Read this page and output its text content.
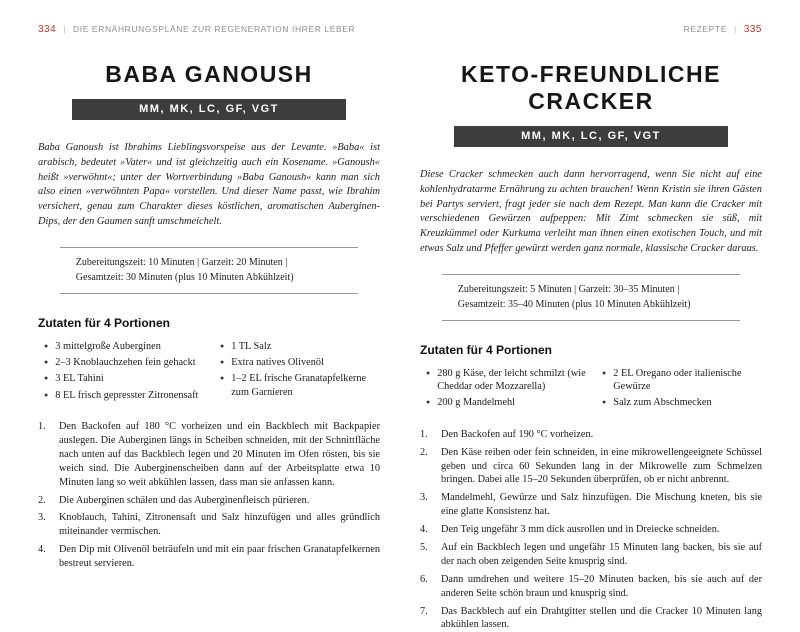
334 | DIE ERNÄHRUNGSPLÄNE ZUR REGENERATION IHRER LEBER
BABA GANOUSH
MM, MK, LC, GF, VGT

Baba Ganoush ist Ibrahims Lieblingsvorspeise aus der Levante. »Baba« ist arabisch, bedeutet »Vater« und ist gleichzeitig auch ein Kosename. »Ganoush« heißt »verwöhnt«; unter der Wortverbindung »Baba Ganoush« kann man sich also einen »verwöhnten Papa« vorstellen. Und dieser Name passt, wie Ibrahim versichert, genau zum Charakter dieses köstlichen, aromatischen Auberginen-Dips, der den Gaumen sanft umschmeichelt.

Zubereitungszeit: 10 Minuten | Garzeit: 20 Minuten |
Gesamtzeit: 30 Minuten (plus 10 Minuten Abkühlzeit)
Zutaten für 4 Portionen
●
3 mittelgroße Auberginen
●
2–3 Knoblauchzehen fein gehackt
●
3 EL Tahini
●
8 EL frisch gepresster Zitronensaft
●
1 TL Salz
●
Extra natives Olivenöl
●
1–2 EL frische Granatapfelkerne zum Garnieren
1.	Den Backofen auf 180 °C vorheizen und ein Backblech mit Backpapier auslegen. Die Auberginen längs in Scheiben schneiden, mit der Schnittfläche nach unten auf das Backblech legen und 20 Minuten im Ofen rösten, bis sie weich sind. Die Auberginenscheiben dann auf der Arbeitsplatte etwa 10 Minuten lang so weit abkühlen lassen, dass man sie anfassen kann.
2.	Die Auberginen schälen und das Auberginenfleisch pürieren.
3.	Knoblauch, Tahini, Zitronensaft und Salz hinzufügen und alles gründlich miteinander vermischen.
4.	Den Dip mit Olivenöl beträufeln und mit ein paar frischen Granatapfelkernen bestreut servieren.
REZEPTE | 335
KETO-FREUNDLICHE CRACKER
MM, MK, LC, GF, VGT

Diese Cracker schmecken auch dann hervorragend, wenn Sie nicht auf eine kohlenhydratarme Ernährung zu achten brauchen! Wenn Kristin sie ihren Gästen bei Partys serviert, fragt jeder sie nach dem Rezept. Man kann die Cracker mit verschiedenen Gewürzen aufpeppen: Mit Zimt schmecken sie süß, mit Kreuzkümmel oder Kurkuma verleiht man ihnen einen exotischen Touch, und mit etwas Salz und Pfeffer gewürzt werden ganz normale, klassische Cracker daraus.

Zubereitungszeit: 5 Minuten | Garzeit: 30–35 Minuten |
Gesamtzeit: 35–40 Minuten (plus 10 Minuten Abkühlzeit)
Zutaten für 4 Portionen
●
280 g Käse, der leicht schmilzt (wie Cheddar oder Mozzarella)
●
200 g Mandelmehl
●
2 EL Oregano oder italienische Gewürze
●
Salz zum Abschmecken
1.	Den Backofen auf 190 °C vorheizen.
2.	Den Käse reiben oder fein schneiden, in eine mikrowellengeeignete Schüssel geben und circa 60 Sekunden lang in der Mikrowelle zum Schmelzen bringen. Dabei alle 15–20 Sekunden überprüfen, ob er nicht anbrennt.
3.	Mandelmehl, Gewürze und Salz hinzufügen. Die Mischung kneten, bis sie eine glatte Konsistenz hat.
4.	Den Teig ungefähr 3 mm dick ausrollen und in Dreiecke schneiden.
5.	Auf ein Backblech legen und ungefähr 15 Minuten lang backen, bis sie auf der nach oben zeigenden Seite knusprig sind.
6.	Dann umdrehen und weitere 15–20 Minuten backen, bis sie auch auf der anderen Seite schön braun und knusprig sind.
7.	Das Backblech auf ein Drahtgitter stellen und die Cracker 10 Minuten lang abkühlen lassen.
